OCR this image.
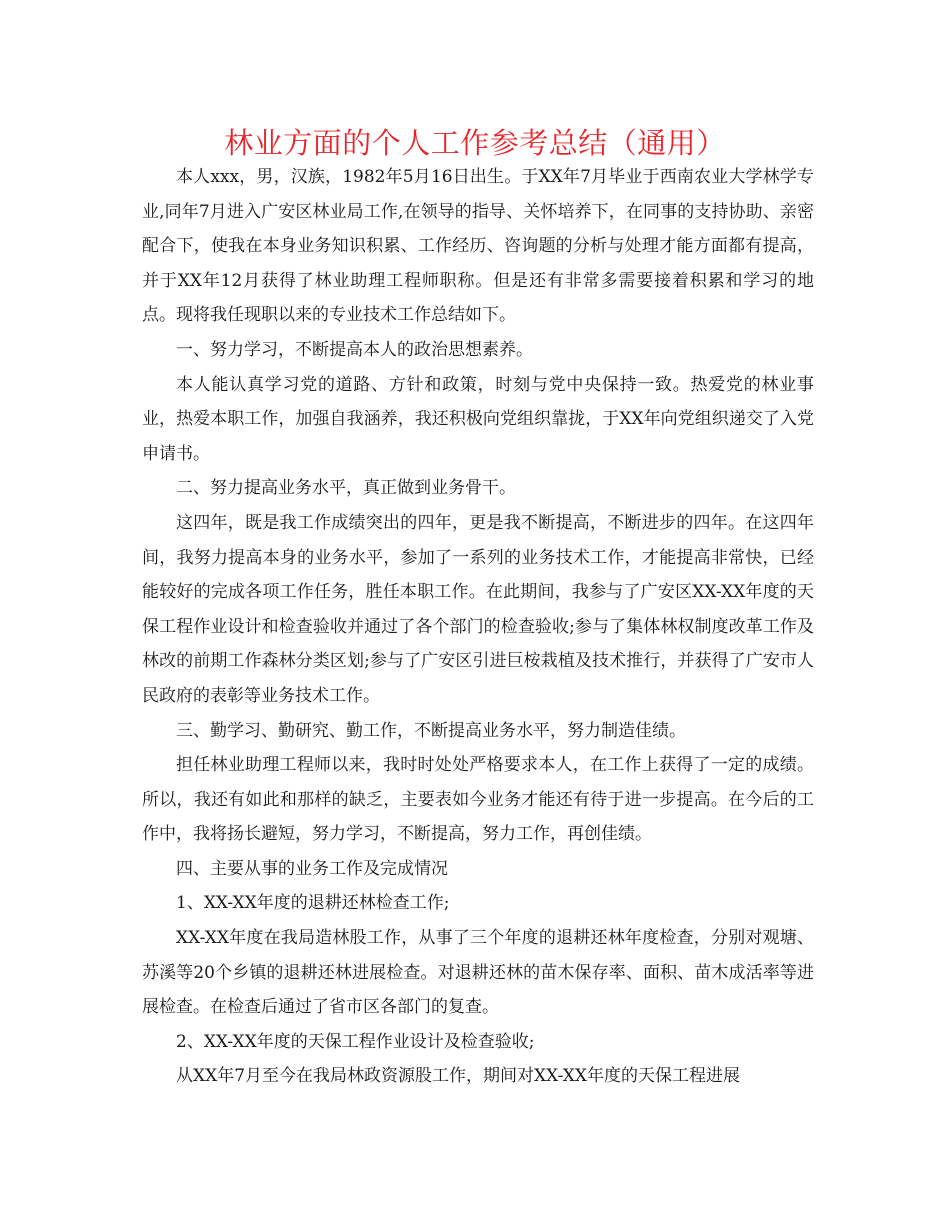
林业方面的个人工作参考总结（通用）

本人xxx，男，汉族，1982年5月16日出生。于XX年7月毕业于西南农业大学林学专业,同年7月进入广安区林业局工作,在领导的指导、关怀培养下，在同事的支持协助、亲密配合下，使我在本身业务知识积累、工作经历、咨询题的分析与处理才能方面都有提高，并于XX年12月获得了林业助理工程师职称。但是还有非常多需要接着积累和学习的地点。现将我任现职以来的专业技术工作总结如下。

一、努力学习，不断提高本人的政治思想素养。

本人能认真学习党的道路、方针和政策，时刻与党中央保持一致。热爱党的林业事业，热爱本职工作，加强自我涵养，我还积极向党组织靠拢，于XX年向党组织递交了入党申请书。

二、努力提高业务水平，真正做到业务骨干。

这四年，既是我工作成绩突出的四年，更是我不断提高，不断进步的四年。在这四年间，我努力提高本身的业务水平，参加了一系列的业务技术工作，才能提高非常快，已经能较好的完成各项工作任务，胜任本职工作。在此期间，我参与了广安区XX-XX年度的天保工程作业设计和检查验收并通过了各个部门的检查验收;参与了集体林权制度改革工作及林改的前期工作森林分类区划;参与了广安区引进巨桉栽植及技术推行，并获得了广安市人民政府的表彰等业务技术工作。

三、勤学习、勤研究、勤工作，不断提高业务水平，努力制造佳绩。

担任林业助理工程师以来，我时时处处严格要求本人，在工作上获得了一定的成绩。所以，我还有如此和那样的缺乏，主要表如今业务才能还有待于进一步提高。在今后的工作中，我将扬长避短，努力学习，不断提高，努力工作，再创佳绩。

四、主要从事的业务工作及完成情况

1、XX-XX年度的退耕还林检查工作;

XX-XX年度在我局造林股工作，从事了三个年度的退耕还林年度检查，分别对观塘、苏溪等20个乡镇的退耕还林进展检查。对退耕还林的苗木保存率、面积、苗木成活率等进展检查。在检查后通过了省市区各部门的复查。

2、XX-XX年度的天保工程作业设计及检查验收;

从XX年7月至今在我局林政资源股工作，期间对XX-XX年度的天保工程进展
